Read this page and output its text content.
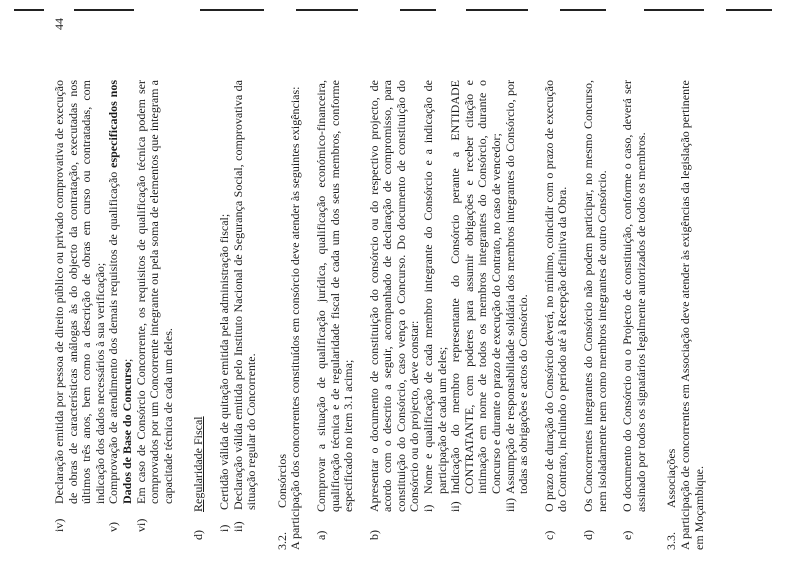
44
iv)
Declaração emitida por pessoa de direito público ou privado comprovativa de execução de obras de características análogas às do objecto da contratação, executadas nos últimos três anos, bem como a descrição de obras em curso ou contratadas, com indicação dos dados necessários à sua verificação;
v)
Comprovação de atendimento dos demais requisitos de qualificação especificados nos Dados de Base do Concurso;
vi)
Em caso de Consórcio Concorrente, os requisitos de qualificação técnica podem ser comprovados por um Concorrente integrante ou pela soma de elementos que integram a capacitade técnica de cada um deles.
d)
Regularidade Fiscal
i)
Certidão válida de quitação emitida pela administração fiscal;
ii)
Declaração válida emitida pelo Instituto Nacional de Segurança Social, comprovativa da situação regular do Concorrente.
3.2.
Consórcios A participação dos concorrentes constituídos em consórcio deve atender às seguintes exigências: a)
Comprovar a situação de qualificação jurídica, qualificação económico-financeira, qualificação técnica e de regularidade fiscal de cada um dos seus membros, conforme especificado no item 3.1 acima;
b)
Apresentar o documento de constituição do consórcio ou do respectivo projecto, de acordo com o descrito a seguir, acompanhado de declaração de compromisso, para constituição do Consórcio, caso vença o Concurso. Do documento de constituição do Consórcio ou do projecto, deve constar: i)
Nome e qualificação de cada membro integrante do Consórcio e a indicação de participação de cada um deles;
ii)
Indicação do membro representante do Consórcio perante a ENTIDADE CONTRATANTE, com poderes para assumir obrigações e receber citação e intimação em nome de todos os membros integrantes do Consórcio, durante o Concurso e durante o prazo de execução do Contrato, no caso de vencedor;
iii)
Assumpção de responsabilidade solidária dos membros integrantes do Consórcio, por todas as obrigações e actos do Consórcio.
c)
O prazo de duração do Consórcio deverá, no mínimo, coincidir com o prazo de execução do Contrato, incluindo o período até à Recepção definitiva da Obra.
d)
Os Concorrentes integrantes do Consórcio não podem participar, no mesmo Concurso, nem isoladamente nem como membros integrantes de outro Consórcio.
e)
O documento do Consórcio ou o Projecto de constituição, conforme o caso, deverá ser assinado por todos os signatários legalmente autorizados de todos os membros.
3.3.
Associações A participação de concorrentes em Associação deve atender às exigências da legislação pertinente em Moçambique.
